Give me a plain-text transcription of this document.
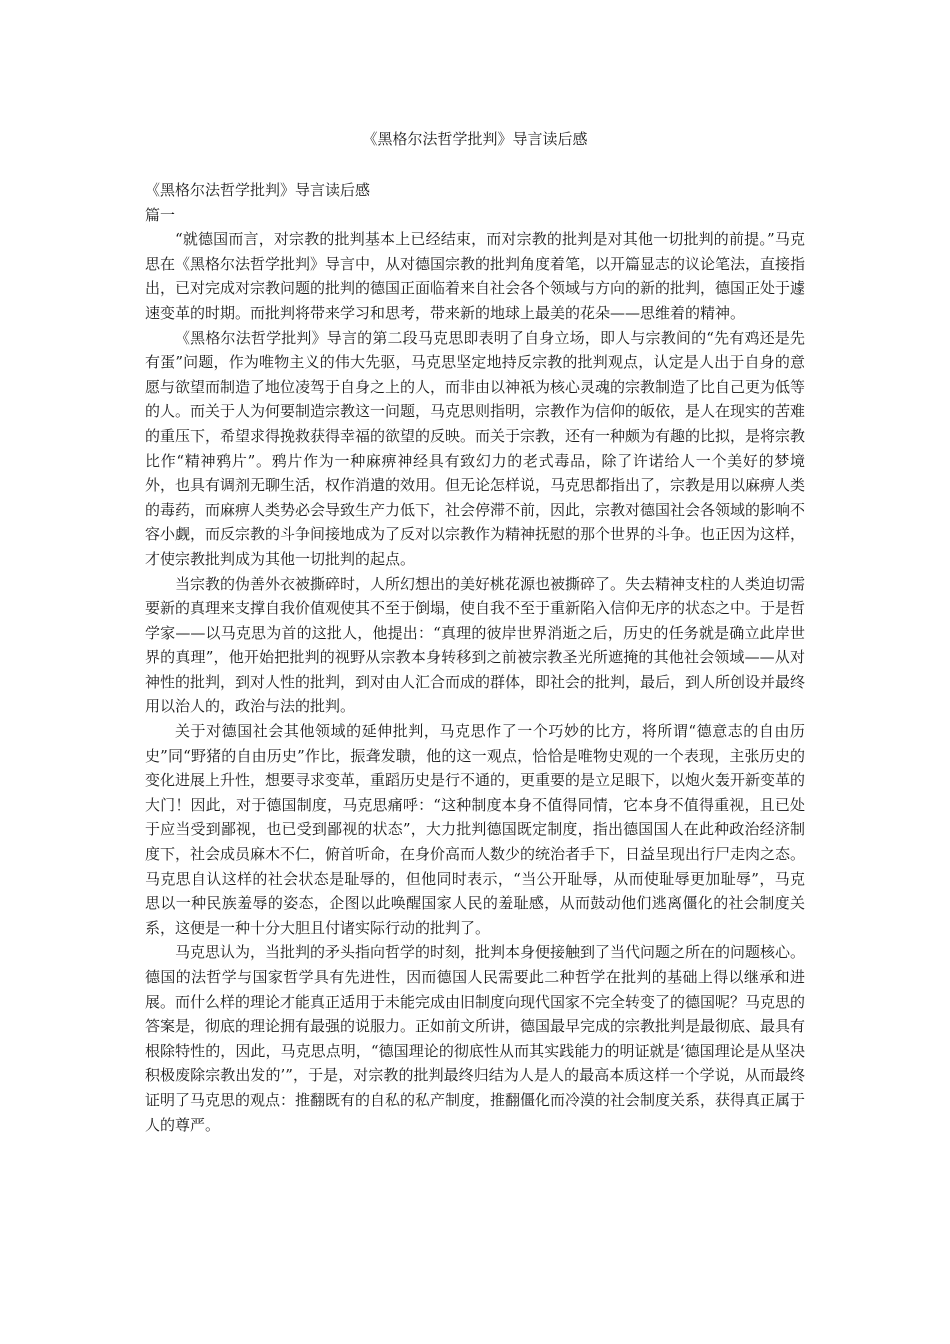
《黑格尔法哲学批判》导言读后感

《黑格尔法哲学批判》导言读后感

篇一

“就德国而言，对宗教的批判基本上已经结束，而对宗教的批判是对其他一切批判的前提。”马克思在《黑格尔法哲学批判》导言中，从对德国宗教的批判角度着笔，以开篇显志的议论笔法，直接指出，已对完成对宗教问题的批判的德国正面临着来自社会各个领域与方向的新的批判，德国正处于遽速变革的时期。而批判将带来学习和思考，带来新的地球上最美的花朵——思维着的精神。

《黑格尔法哲学批判》导言的第二段马克思即表明了自身立场，即人与宗教间的“先有鸡还是先有蛋”问题，作为唯物主义的伟大先驱，马克思坚定地持反宗教的批判观点，认定是人出于自身的意愿与欲望而制造了地位凌驾于自身之上的人，而非由以神祇为核心灵魂的宗教制造了比自己更为低等的人。而关于人为何要制造宗教这一问题，马克思则指明，宗教作为信仰的皈依，是人在现实的苦难的重压下，希望求得挽救获得幸福的欲望的反映。而关于宗教，还有一种颇为有趣的比拟，是将宗教比作“精神鸦片”。鸦片作为一种麻痹神经具有致幻力的老式毒品，除了许诺给人一个美好的梦境外，也具有调剂无聊生活，权作消遣的效用。但无论怎样说，马克思都指出了，宗教是用以麻痹人类的毒药，而麻痹人类势必会导致生产力低下，社会停滞不前，因此，宗教对德国社会各领域的影响不容小觑，而反宗教的斗争间接地成为了反对以宗教作为精神抚慰的那个世界的斗争。也正因为这样，才使宗教批判成为其他一切批判的起点。

当宗教的伪善外衣被撕碎时，人所幻想出的美好桃花源也被撕碎了。失去精神支柱的人类迫切需要新的真理来支撑自我价值观使其不至于倒塌，使自我不至于重新陷入信仰无序的状态之中。于是哲学家——以马克思为首的这批人，他提出：“真理的彼岸世界消逝之后，历史的任务就是确立此岸世界的真理”，他开始把批判的视野从宗教本身转移到之前被宗教圣光所遮掩的其他社会领域——从对神性的批判，到对人性的批判，到对由人汇合而成的群体，即社会的批判，最后，到人所创设并最终用以治人的，政治与法的批判。

关于对德国社会其他领域的延伸批判，马克思作了一个巧妙的比方，将所谓“德意志的自由历史”同“野猪的自由历史”作比，振聋发聩，他的这一观点，恰恰是唯物史观的一个表现，主张历史的变化进展上升性，想要寻求变革，重蹈历史是行不通的，更重要的是立足眼下，以炮火轰开新变革的大门！因此，对于德国制度，马克思痛呼：“这种制度本身不值得同情，它本身不值得重视，且已处于应当受到鄙视，也已受到鄙视的状态”，大力批判德国既定制度，指出德国国人在此种政治经济制度下，社会成员麻木不仁，俯首听命，在身价高而人数少的统治者手下，日益呈现出行尸走肉之态。马克思自认这样的社会状态是耻辱的，但他同时表示，“当公开耻辱，从而使耻辱更加耻辱”，马克思以一种民族羞辱的姿态，企图以此唤醒国家人民的羞耻感，从而鼓动他们逃离僵化的社会制度关系，这便是一种十分大胆且付诸实际行动的批判了。

马克思认为，当批判的矛头指向哲学的时刻，批判本身便接触到了当代问题之所在的问题核心。德国的法哲学与国家哲学具有先进性，因而德国人民需要此二种哲学在批判的基础上得以继承和进展。而什么样的理论才能真正适用于未能完成由旧制度向现代国家不完全转变了的德国呢？马克思的答案是，彻底的理论拥有最强的说服力。正如前文所讲，德国最早完成的宗教批判是最彻底、最具有根除特性的，因此，马克思点明，“德国理论的彻底性从而其实践能力的明证就是‘德国理论是从坚决积极废除宗教出发的’”，于是，对宗教的批判最终归结为人是人的最高本质这样一个学说，从而最终证明了马克思的观点：推翻既有的自私的私产制度，推翻僵化而冷漠的社会制度关系，获得真正属于人的尊严。
